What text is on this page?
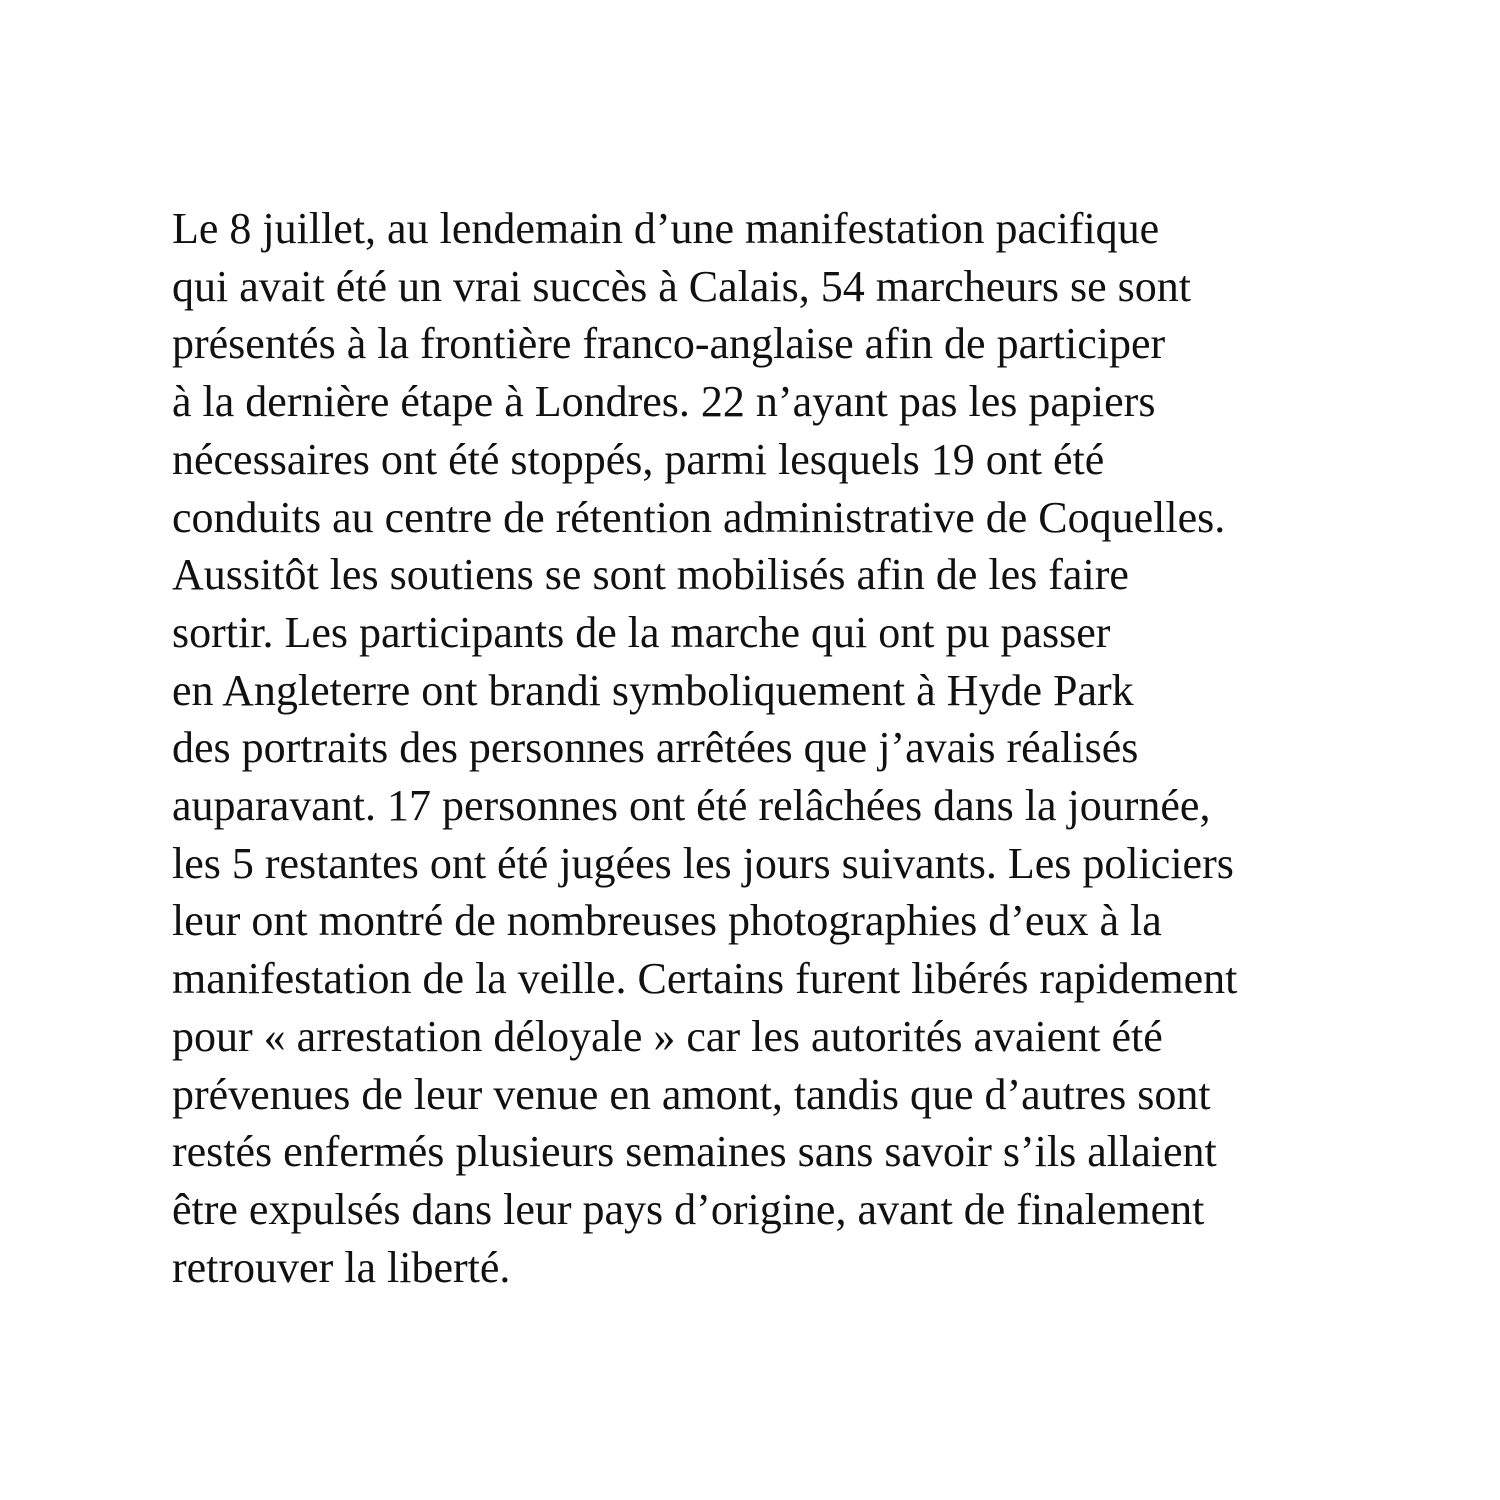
Le 8 juillet, au lendemain d’une manifestation pacifique
qui avait été un vrai succès à Calais, 54 marcheurs se sont
présentés à la frontière franco-anglaise afin de participer
à la dernière étape à Londres. 22 n’ayant pas les papiers
nécessaires ont été stoppés, parmi lesquels 19 ont été
conduits au centre de rétention administrative de Coquelles.
Aussitôt les soutiens se sont mobilisés afin de les faire
sortir. Les participants de la marche qui ont pu passer
en Angleterre ont brandi symboliquement à Hyde Park
des portraits des personnes arrêtées que j’avais réalisés
auparavant. 17 personnes ont été relâchées dans la journée,
les 5 restantes ont été jugées les jours suivants. Les policiers
leur ont montré de nombreuses photographies d’eux à la
manifestation de la veille. Certains furent libérés rapidement
pour « arrestation déloyale » car les autorités avaient été
prévenues de leur venue en amont, tandis que d’autres sont
restés enfermés plusieurs semaines sans savoir s’ils allaient
être expulsés dans leur pays d’origine, avant de finalement
retrouver la liberté.
